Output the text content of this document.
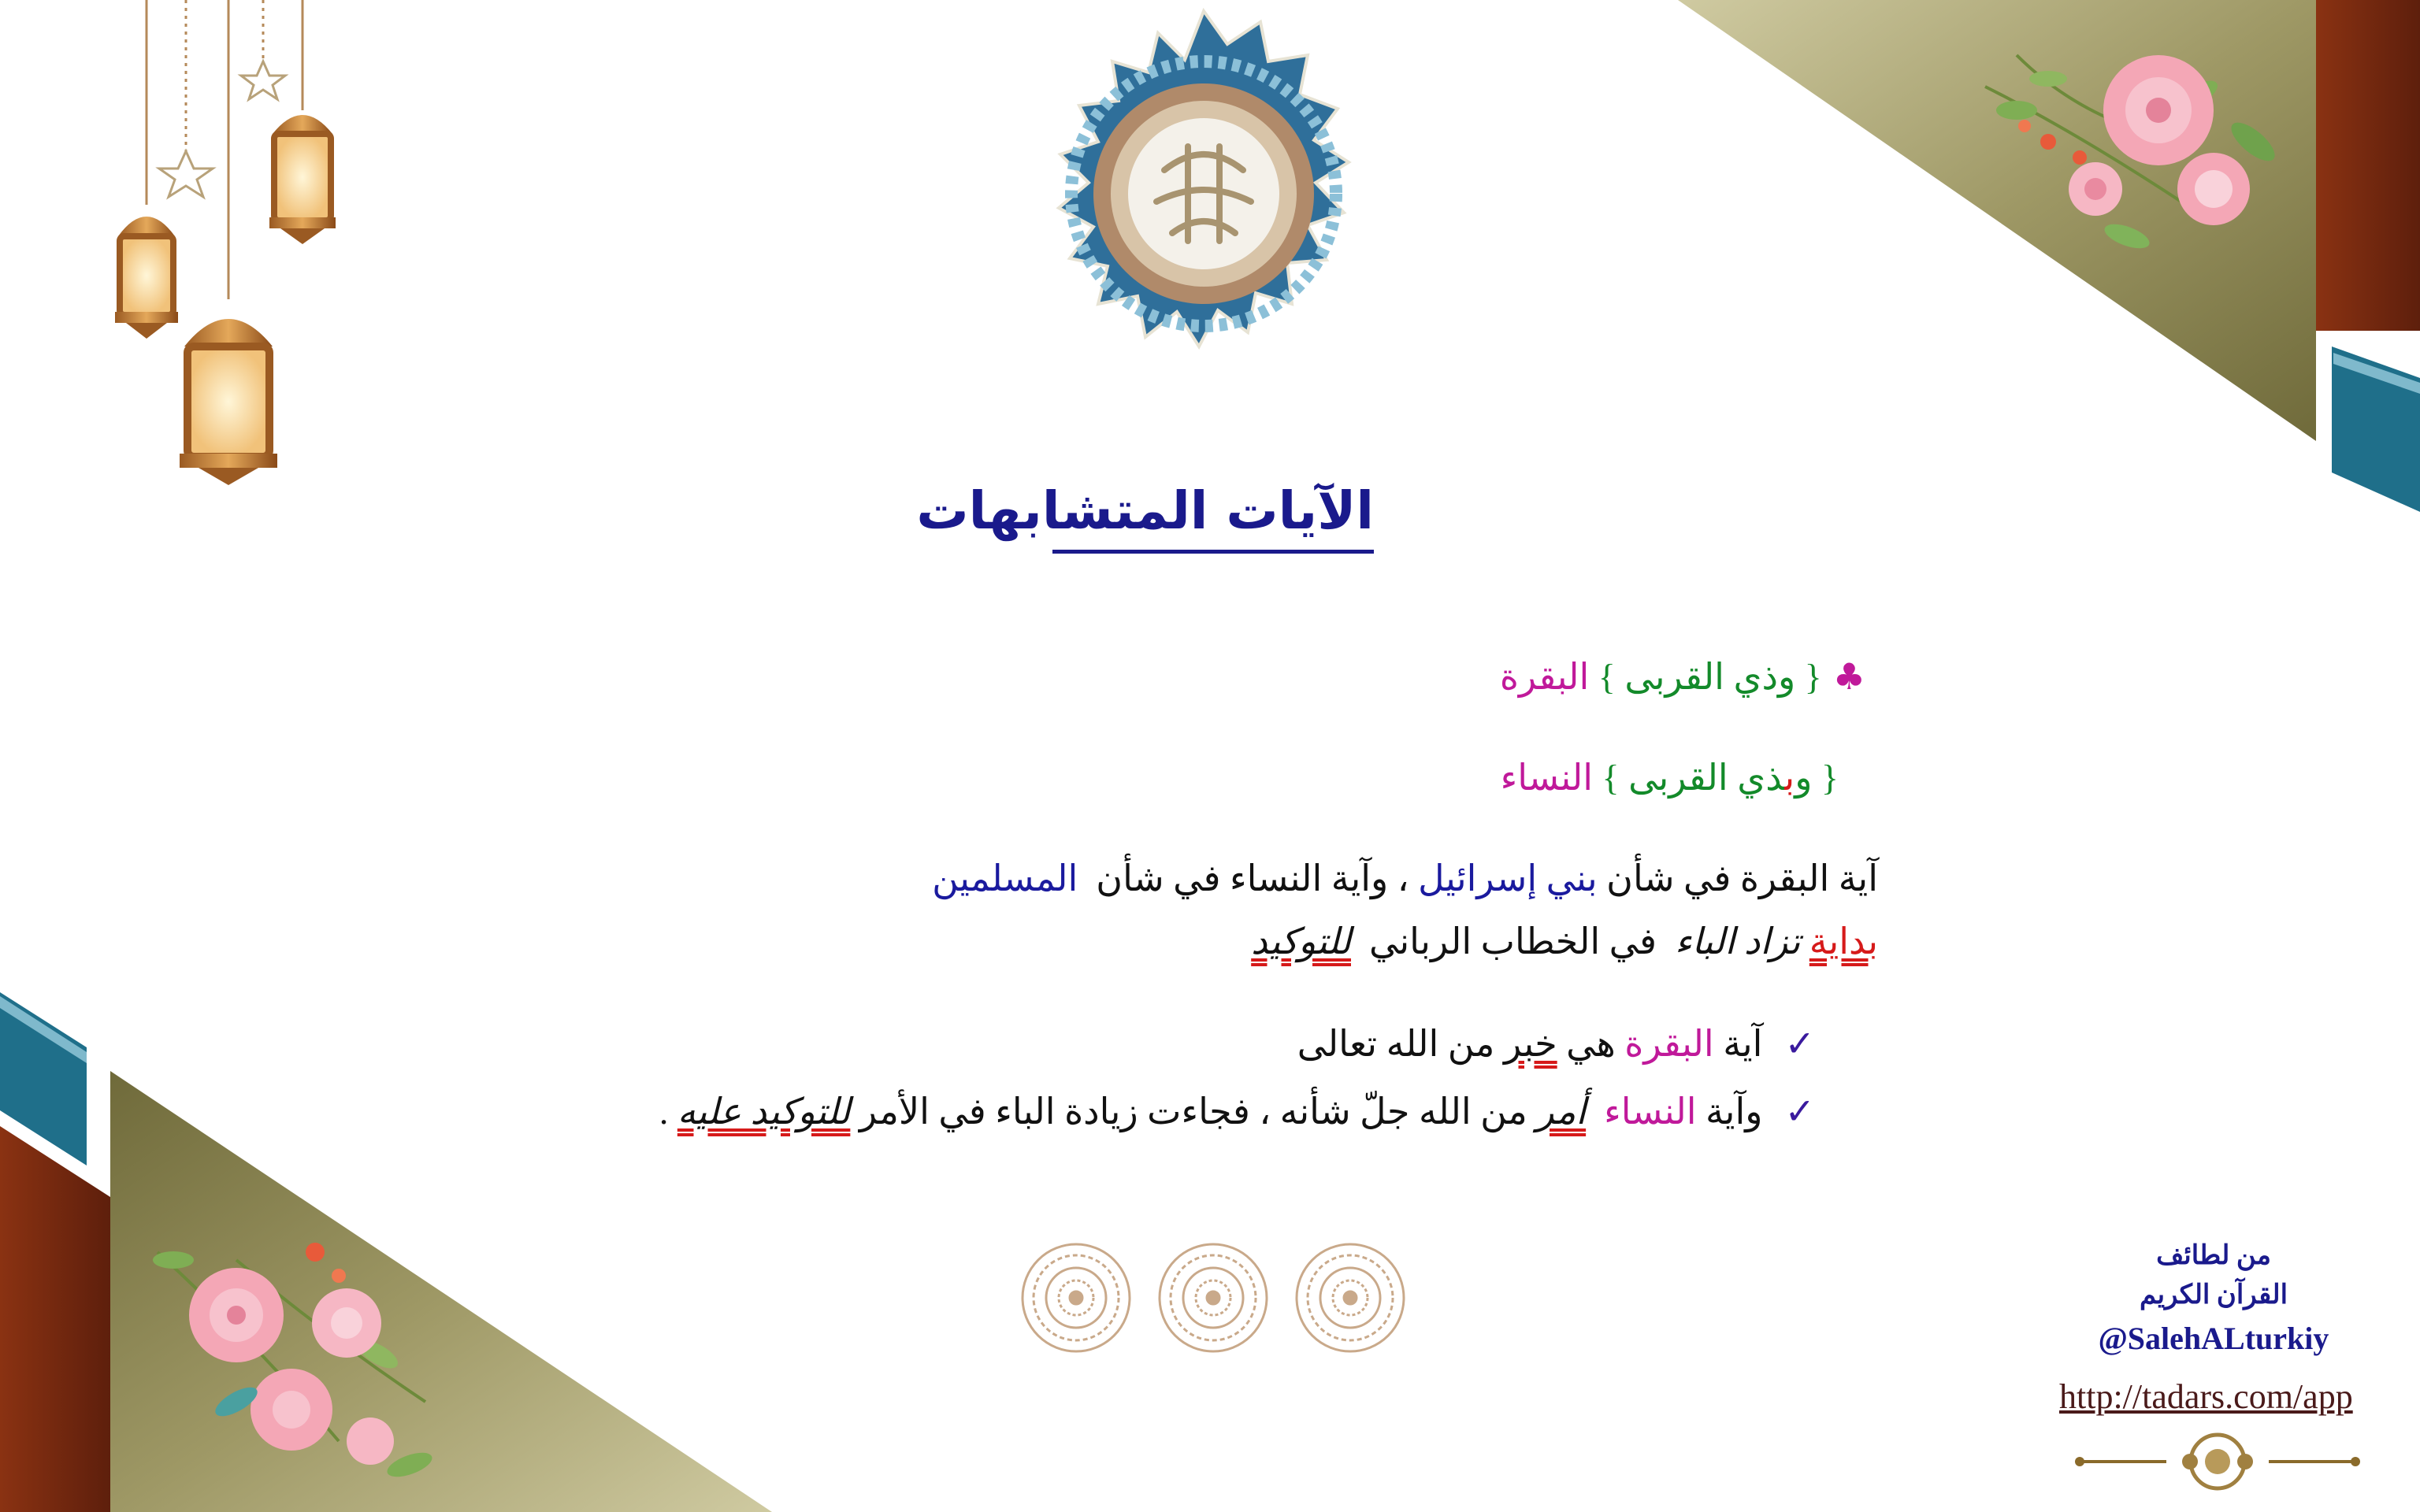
الآيات المتشابهات
♣{ وذي القربى } البقرة
{ وبذي القربى } النساء
آية البقرة في شأن بني إسرائيل ، وآية النساء في شأن  المسلمين
بداية تزاد الباء  في الخطاب الرباني  للتوكيد
✓آية البقرة هي خبر من الله تعالى
✓وآية النساء  أمر من الله جلّ شأنه ، فجاءت زيادة الباء في الأمر للتوكيد عليه .
من لطائف
القرآن الكريم
@SalehALturkiy
http://tadars.com/app
